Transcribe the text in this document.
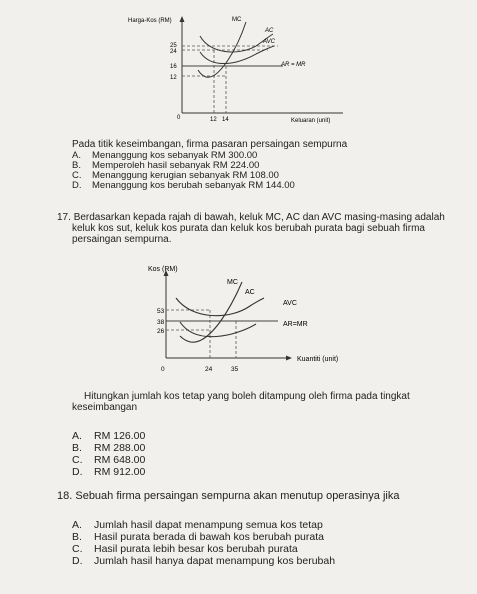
Harga-Kos (RM)	MC
AC
AVC
AR = MR
25
24
16
12
0	12 14	Keluaran (unit)
Pada titik keseimbangan, firma pasaran persaingan sempurna
A. Menanggung kos sebanyak RM 300.00
B. Memperoleh hasil sebanyak RM 224.00
C. Menanggung kerugian sebanyak RM 108.00
D. Menanggung kos berubah sebanyak RM 144.00
17. Berdasarkan kepada rajah di bawah, keluk MC, AC dan AVC masing-masing adalah
keluk kos sut, keluk kos purata dan keluk kos berubah purata bagi sebuah firma
persaingan sempurna.
Kos (RM)
MC
AC
AVC
AR=MR
53
38
26
0	24	35
Kuantiti (unit)
Hitungkan jumlah kos tetap yang boleh ditampung oleh firma pada tingkat
keseimbangan
A. RM 126.00
B. RM 288.00
C. RM 648.00
D. RM 912.00
18. Sebuah firma persaingan sempurna akan menutup operasinya jika
A. Jumlah hasil dapat menampung semua kos tetap
B. Hasil purata berada di bawah kos berubah purata
C. Hasil purata lebih besar kos berubah purata
D. Jumlah hasil hanya dapat menampung kos berubah
